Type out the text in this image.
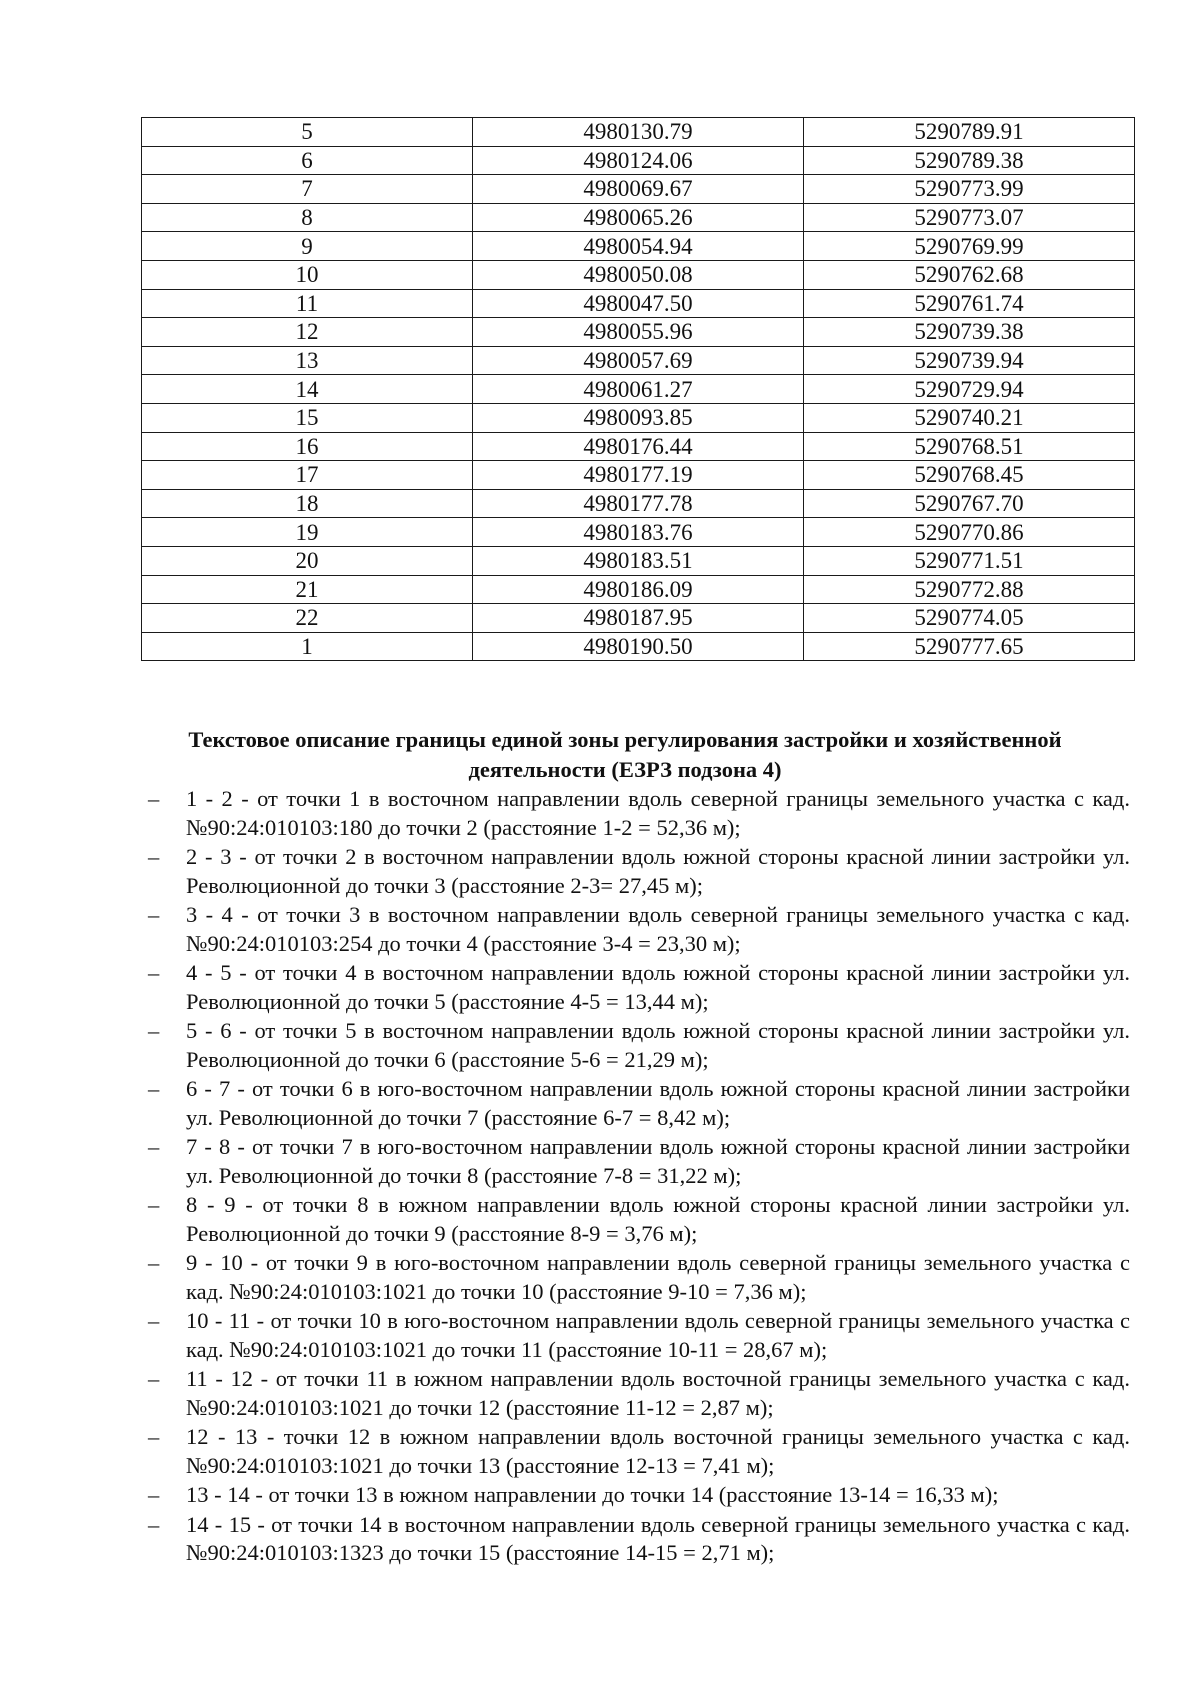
5	4980130.79	5290789.91
6	4980124.06	5290789.38
7	4980069.67	5290773.99
8	4980065.26	5290773.07
9	4980054.94	5290769.99
10	4980050.08	5290762.68
11	4980047.50	5290761.74
12	4980055.96	5290739.38
13	4980057.69	5290739.94
14	4980061.27	5290729.94
15	4980093.85	5290740.21
16	4980176.44	5290768.51
17	4980177.19	5290768.45
18	4980177.78	5290767.70
19	4980183.76	5290770.86
20	4980183.51	5290771.51
21	4980186.09	5290772.88
22	4980187.95	5290774.05
1	4980190.50	5290777.65
Текстовое описание границы единой зоны регулирования застройки и хозяйственной
деятельности (ЕЗРЗ подзона 4)
–	1 - 2 - от точки 1 в восточном направлении вдоль северной границы земельного участка с кад. №90:24:010103:180 до точки 2 (расстояние 1-2 = 52,36 м);
–	2 - 3 - от точки 2 в восточном направлении вдоль южной стороны красной линии застройки ул. Революционной до точки 3 (расстояние 2-3= 27,45 м);
–	3 - 4 - от точки 3 в восточном направлении вдоль северной границы земельного участка с кад. №90:24:010103:254 до точки 4 (расстояние 3-4 = 23,30 м);
–	4 - 5 - от точки 4 в восточном направлении вдоль южной стороны красной линии застройки ул. Революционной до точки 5 (расстояние 4-5 = 13,44 м);
–	5 - 6 - от точки 5 в восточном направлении вдоль южной стороны красной линии застройки ул. Революционной до точки 6 (расстояние 5-6 = 21,29 м);
–	6 - 7 - от точки 6 в юго-восточном направлении вдоль южной стороны красной линии застройки ул. Революционной до точки 7 (расстояние 6-7 = 8,42 м);
–	7 - 8 - от точки 7 в юго-восточном направлении вдоль южной стороны красной линии застройки ул. Революционной до точки 8 (расстояние 7-8 = 31,22 м);
–	8 - 9 - от точки 8 в южном направлении вдоль южной стороны красной линии застройки ул. Революционной до точки 9 (расстояние 8-9 = 3,76 м);
–	9 - 10 - от точки 9 в юго-восточном направлении вдоль северной границы земельного участка с кад. №90:24:010103:1021 до точки 10 (расстояние 9-10 = 7,36 м);
–	10 - 11 - от точки 10 в юго-восточном направлении вдоль северной границы земельного участка с кад. №90:24:010103:1021 до точки 11 (расстояние 10-11 = 28,67 м);
–	11 - 12 - от точки 11 в южном направлении вдоль восточной границы земельного участка с кад. №90:24:010103:1021 до точки 12 (расстояние 11-12 = 2,87 м);
–	12 - 13 - точки 12 в южном направлении вдоль восточной границы земельного участка с кад. №90:24:010103:1021 до точки 13 (расстояние 12-13 = 7,41 м);
–	13 - 14 - от точки 13 в южном направлении до точки 14 (расстояние 13-14 = 16,33 м);
–	14 - 15 - от точки 14 в восточном направлении вдоль северной границы земельного участка с кад. №90:24:010103:1323 до точки 15 (расстояние 14-15 = 2,71 м);
